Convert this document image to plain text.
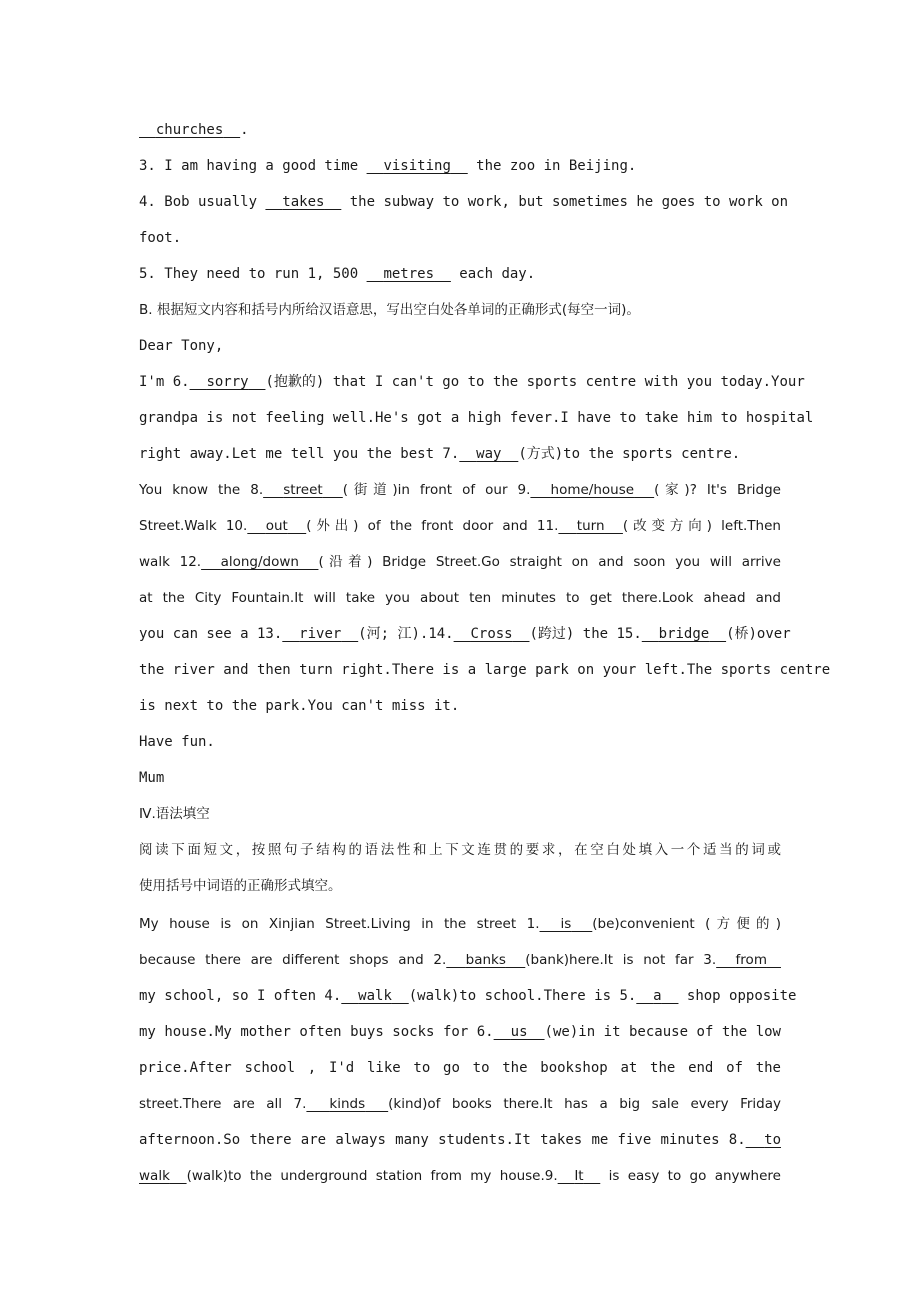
churches .
3. I am having a good time   visiting   the zoo in Beijing.
4. Bob usually   takes   the subway to work, but sometimes he goes to work on
foot.
5. They need to run 1, 500   metres   each day.
B. 根据短文内容和括号内所给汉语意思，写出空白处各单词的正确形式(每空一词)。
Dear Tony,
I'm 6. sorry (抱歉的) that I can't go to the sports centre with you today.Your
grandpa is not feeling well.He's got a high fever.I have to take him to hospital
right away.Let me tell you the best 7. way (方式)to the sports centre.
You know the 8. street (街道)in front of our 9. home/house (家)? It's Bridge
Street.Walk 10. out (外出) of the front door and 11. turn (改变方向) left.Then
walk 12. along/down (沿着) Bridge Street.Go straight on and soon you will arrive
at the City Fountain.It will take you about ten minutes to get there.Look ahead and
you can see a 13. river (河; 江).14. Cross (跨过) the 15. bridge (桥)over
the river and then turn right.There is a large park on your left.The sports centre
is next to the park.You can't miss it.
Have fun.
Mum
Ⅳ.语法填空
阅读下面短文，按照句子结构的语法性和上下文连贯的要求，在空白处填入一个适当的词或
使用括号中词语的正确形式填空。
My house is on Xinjian Street.Living in the street 1. is (be)convenient (方便的)
because there are different shops and 2. banks (bank)here.It is not far 3. from
my school, so I often 4. walk (walk)to school.There is 5. a   shop opposite
my house.My mother often buys socks for 6. us (we)in it because of the low
price.After school , I'd like to go to the bookshop at the end of the
street.There are all 7. kinds (kind)of books there.It has a big sale every Friday
afternoon.So there are always many students.It takes me five minutes 8. to
walk (walk)to the underground station from my house.9. It   is easy to go anywhere
